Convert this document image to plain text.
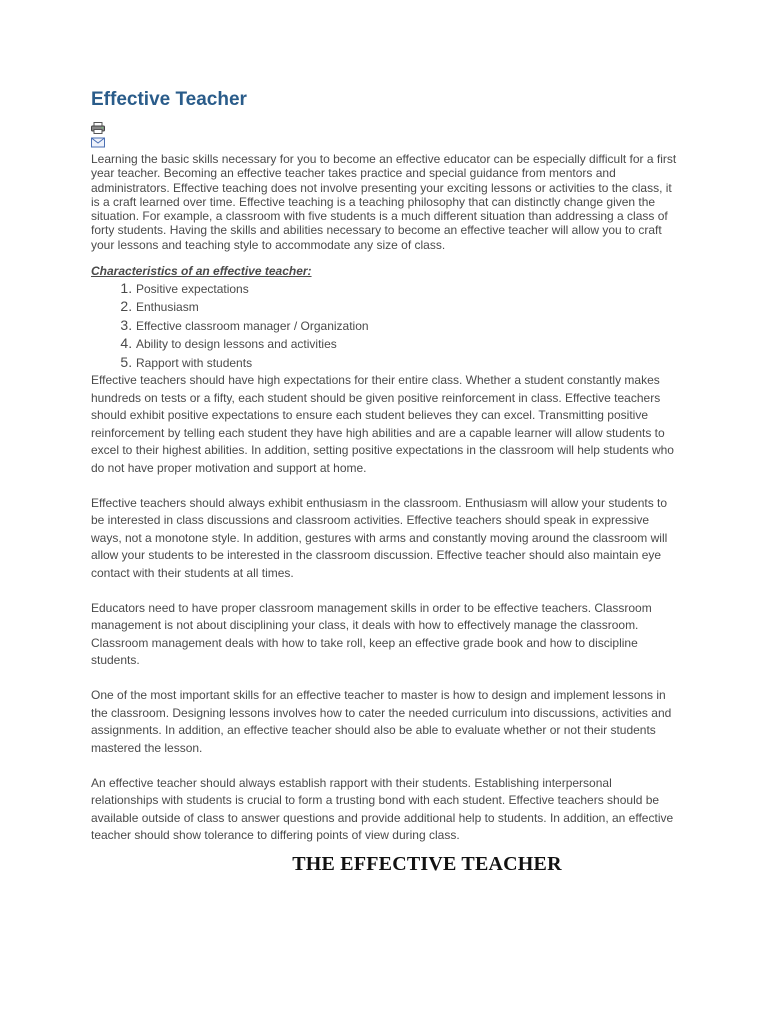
Effective Teacher

Learning the basic skills necessary for you to become an effective educator can be especially difficult for a first year teacher. Becoming an effective teacher takes practice and special guidance from mentors and administrators. Effective teaching does not involve presenting your exciting lessons or activities to the class, it is a craft learned over time. Effective teaching is a teaching philosophy that can distinctly change given the situation. For example, a classroom with five students is a much different situation than addressing a class of forty students. Having the skills and abilities necessary to become an effective teacher will allow you to craft your lessons and teaching style to accommodate any size of class.

Characteristics of an effective teacher:
1. Positive expectations
2. Enthusiasm
3. Effective classroom manager / Organization
4. Ability to design lessons and activities
5. Rapport with students

Effective teachers should have high expectations for their entire class. Whether a student constantly makes hundreds on tests or a fifty, each student should be given positive reinforcement in class. Effective teachers should exhibit positive expectations to ensure each student believes they can excel. Transmitting positive reinforcement by telling each student they have high abilities and are a capable learner will allow students to excel to their highest abilities. In addition, setting positive expectations in the classroom will help students who do not have proper motivation and support at home.

Effective teachers should always exhibit enthusiasm in the classroom. Enthusiasm will allow your students to be interested in class discussions and classroom activities. Effective teachers should speak in expressive ways, not a monotone style. In addition, gestures with arms and constantly moving around the classroom will allow your students to be interested in the classroom discussion. Effective teacher should also maintain eye contact with their students at all times.

Educators need to have proper classroom management skills in order to be effective teachers. Classroom management is not about disciplining your class, it deals with how to effectively manage the classroom. Classroom management deals with how to take roll, keep an effective grade book and how to discipline students.

One of the most important skills for an effective teacher to master is how to design and implement lessons in the classroom. Designing lessons involves how to cater the needed curriculum into discussions, activities and assignments. In addition, an effective teacher should also be able to evaluate whether or not their students mastered the lesson.

An effective teacher should always establish rapport with their students. Establishing interpersonal relationships with students is crucial to form a trusting bond with each student. Effective teachers should be available outside of class to answer questions and provide additional help to students. In addition, an effective teacher should show tolerance to differing points of view during class.

THE EFFECTIVE TEACHER
